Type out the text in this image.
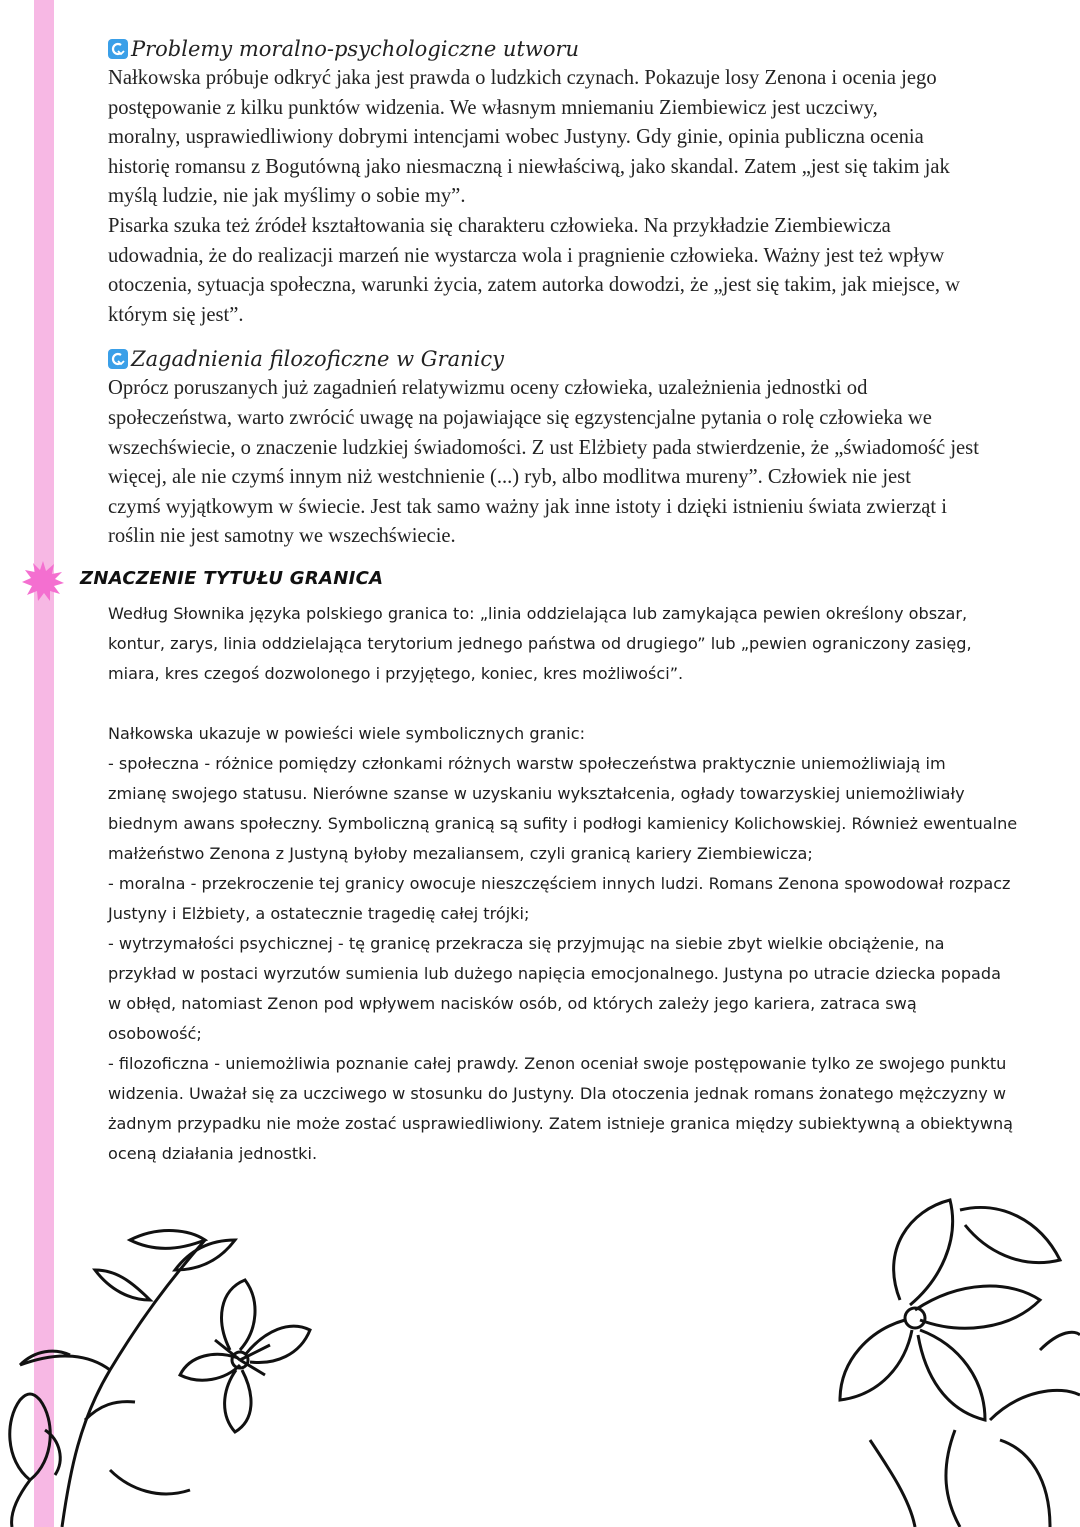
Problemy moralno-psychologiczne utworu

Nałkowska próbuje odkryć jaka jest prawda o ludzkich czynach. Pokazuje losy Zenona i ocenia jego

postępowanie z kilku punktów widzenia. We własnym mniemaniu Ziembiewicz jest uczciwy,

moralny, usprawiedliwiony dobrymi intencjami wobec Justyny. Gdy ginie, opinia publiczna ocenia

historię romansu z Bogutówną jako niesmaczną i niewłaściwą, jako skandal. Zatem „jest się takim jak

myślą ludzie, nie jak myślimy o sobie my”.

Pisarka szuka też źródeł kształtowania się charakteru człowieka. Na przykładzie Ziembiewicza

udowadnia, że do realizacji marzeń nie wystarcza wola i pragnienie człowieka. Ważny jest też wpływ

otoczenia, sytuacja społeczna, warunki życia, zatem autorka dowodzi, że „jest się takim, jak miejsce, w

którym się jest”.

Zagadnienia filozoficzne w Granicy

Oprócz poruszanych już zagadnień relatywizmu oceny człowieka, uzależnienia jednostki od

społeczeństwa, warto zwrócić uwagę na pojawiające się egzystencjalne pytania o rolę człowieka we

wszechświecie, o znaczenie ludzkiej świadomości. Z ust Elżbiety pada stwierdzenie, że „świadomość jest

więcej, ale nie czymś innym niż westchnienie (...) ryb, albo modlitwa mureny”. Człowiek nie jest

czymś wyjątkowym w świecie. Jest tak samo ważny jak inne istoty i dzięki istnieniu świata zwierząt i

roślin nie jest samotny we wszechświecie.

ZNACZENIE TYTUŁU GRANICA

Według Słownika języka polskiego granica to: „linia oddzielająca lub zamykająca pewien określony obszar,

kontur, zarys, linia oddzielająca terytorium jednego państwa od drugiego” lub „pewien ograniczony zasięg,

miara, kres czegoś dozwolonego i przyjętego, koniec, kres możliwości”.

Nałkowska ukazuje w powieści wiele symbolicznych granic:

- społeczna - różnice pomiędzy członkami różnych warstw społeczeństwa praktycznie uniemożliwiają im

zmianę swojego statusu. Nierówne szanse w uzyskaniu wykształcenia, ogłady towarzyskiej uniemożliwiały

biednym awans społeczny. Symboliczną granicą są sufity i podłogi kamienicy Kolichowskiej. Również ewentualne

małżeństwo Zenona z Justyną byłoby mezaliansem, czyli granicą kariery Ziembiewicza;

- moralna - przekroczenie tej granicy owocuje nieszczęściem innych ludzi. Romans Zenona spowodował rozpacz

Justyny i Elżbiety, a ostatecznie tragedię całej trójki;

- wytrzymałości psychicznej - tę granicę przekracza się przyjmując na siebie zbyt wielkie obciążenie, na

przykład w postaci wyrzutów sumienia lub dużego napięcia emocjonalnego. Justyna po utracie dziecka popada

w obłęd, natomiast Zenon pod wpływem nacisków osób, od których zależy jego kariera, zatraca swą

osobowość;

- filozoficzna - uniemożliwia poznanie całej prawdy. Zenon oceniał swoje postępowanie tylko ze swojego punktu

widzenia. Uważał się za uczciwego w stosunku do Justyny. Dla otoczenia jednak romans żonatego mężczyzny w

żadnym przypadku nie może zostać usprawiedliwiony. Zatem istnieje granica między subiektywną a obiektywną

oceną działania jednostki.
